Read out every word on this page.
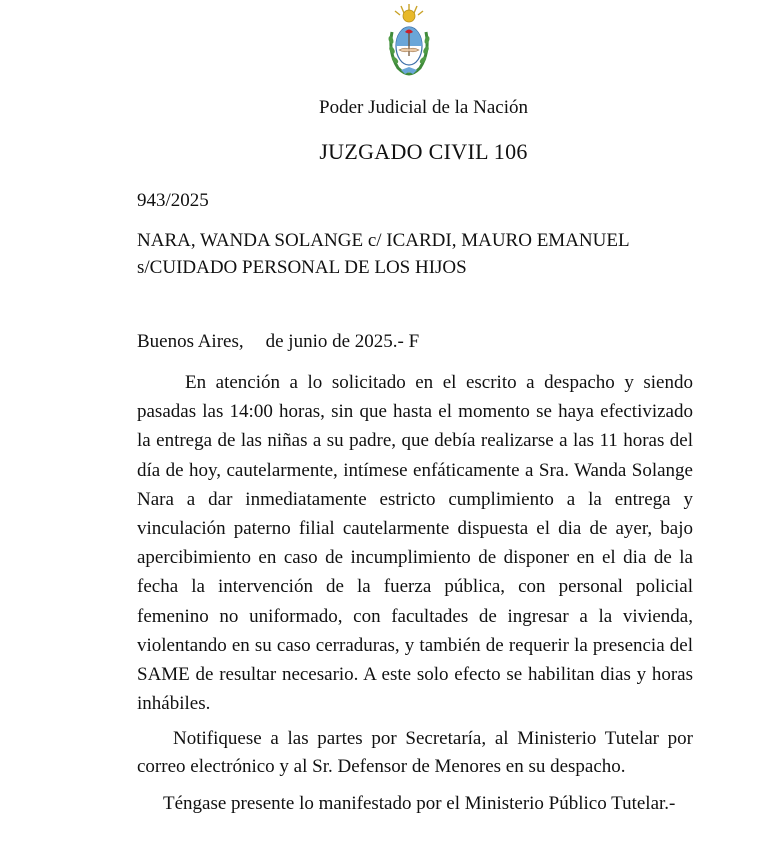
Poder Judicial de la Nación
JUZGADO CIVIL 106
943/2025
NARA, WANDA SOLANGE c/ ICARDI, MAURO EMANUEL
s/CUIDADO PERSONAL DE LOS HIJOS
Buenos Aires, de junio de 2025.- F
En atención a lo solicitado en el escrito a despacho y siendo pasadas las 14:00 horas, sin que hasta el momento se haya efectivizado la entrega de las niñas a su padre, que debía realizarse a las 11 horas del día de hoy, cautelarmente, intímese enfáticamente a Sra. Wanda Solange Nara a dar inmediatamente estricto cumplimiento a la entrega y vinculación paterno filial cautelarmente dispuesta el dia de ayer, bajo apercibimiento en caso de incumplimiento de disponer en el dia de la fecha la intervención de la fuerza pública, con personal policial femenino no uniformado, con facultades de ingresar a la vivienda, violentando en su caso cerraduras, y también de requerir la presencia del SAME de resultar necesario. A este solo efecto se habilitan dias y horas inhábiles.
Notifiquese a las partes por Secretaría, al Ministerio Tutelar por correo electrónico y al Sr. Defensor de Menores en su despacho.
Téngase presente lo manifestado por el Ministerio Público Tutelar.-
